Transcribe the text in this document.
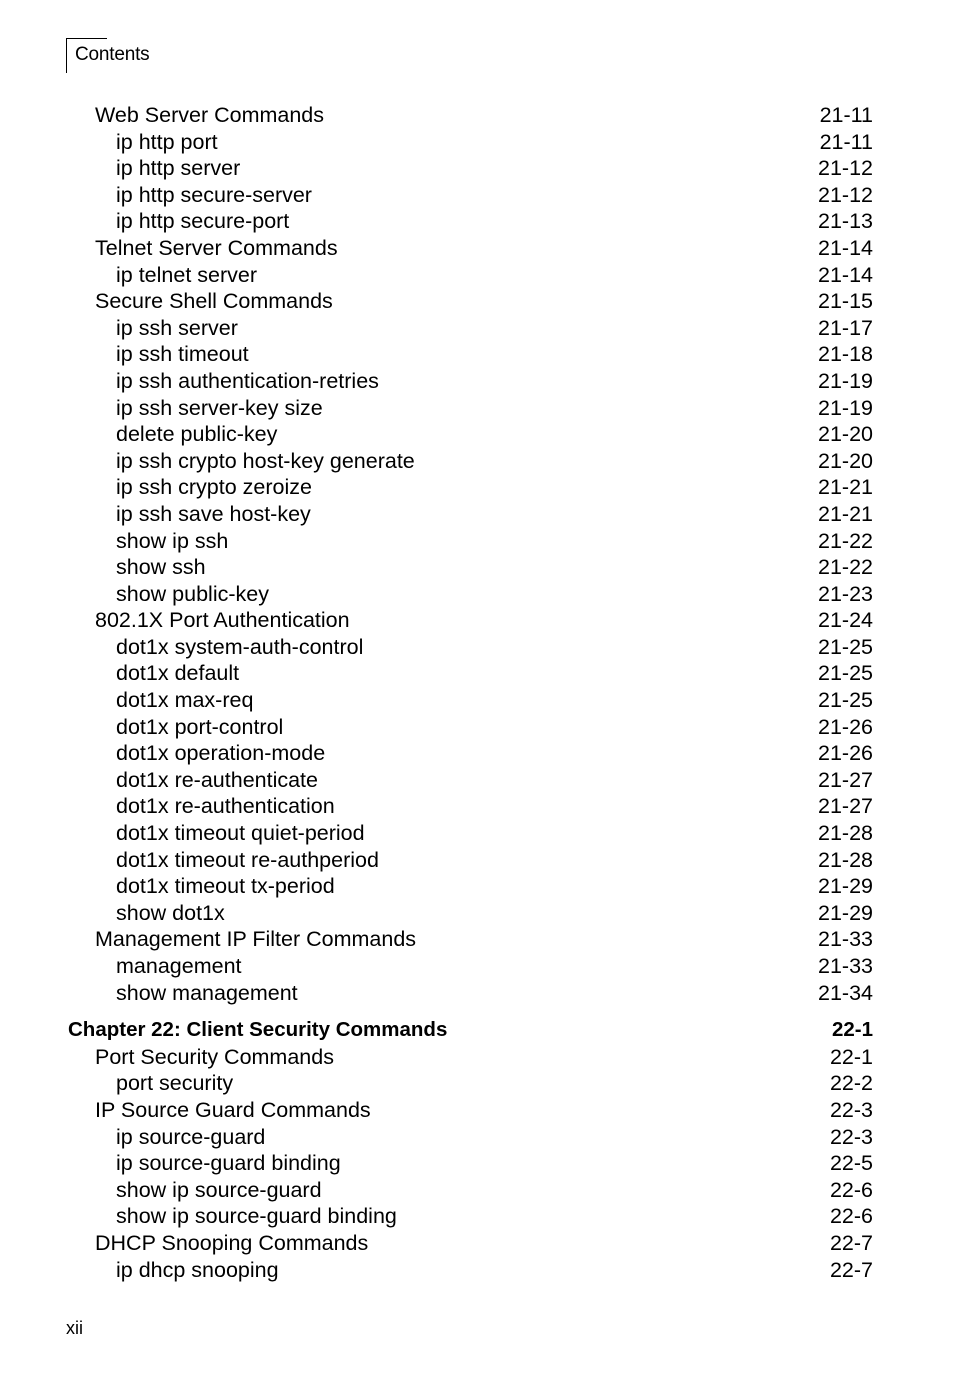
Contents
Web Server Commands	21-11
ip http port	21-11
ip http server	21-12
ip http secure-server	21-12
ip http secure-port	21-13
Telnet Server Commands	21-14
ip telnet server	21-14
Secure Shell Commands	21-15
ip ssh server	21-17
ip ssh timeout	21-18
ip ssh authentication-retries	21-19
ip ssh server-key size	21-19
delete public-key	21-20
ip ssh crypto host-key generate	21-20
ip ssh crypto zeroize	21-21
ip ssh save host-key	21-21
show ip ssh	21-22
show ssh	21-22
show public-key	21-23
802.1X Port Authentication	21-24
dot1x system-auth-control	21-25
dot1x default	21-25
dot1x max-req	21-25
dot1x port-control	21-26
dot1x operation-mode	21-26
dot1x re-authenticate	21-27
dot1x re-authentication	21-27
dot1x timeout quiet-period	21-28
dot1x timeout re-authperiod	21-28
dot1x timeout tx-period	21-29
show dot1x	21-29
Management IP Filter Commands	21-33
management	21-33
show management	21-34
Chapter 22: Client Security Commands	22-1
Port Security Commands	22-1
port security	22-2
IP Source Guard Commands	22-3
ip source-guard	22-3
ip source-guard binding	22-5
show ip source-guard	22-6
show ip source-guard binding	22-6
DHCP Snooping Commands	22-7
ip dhcp snooping	22-7
xii
